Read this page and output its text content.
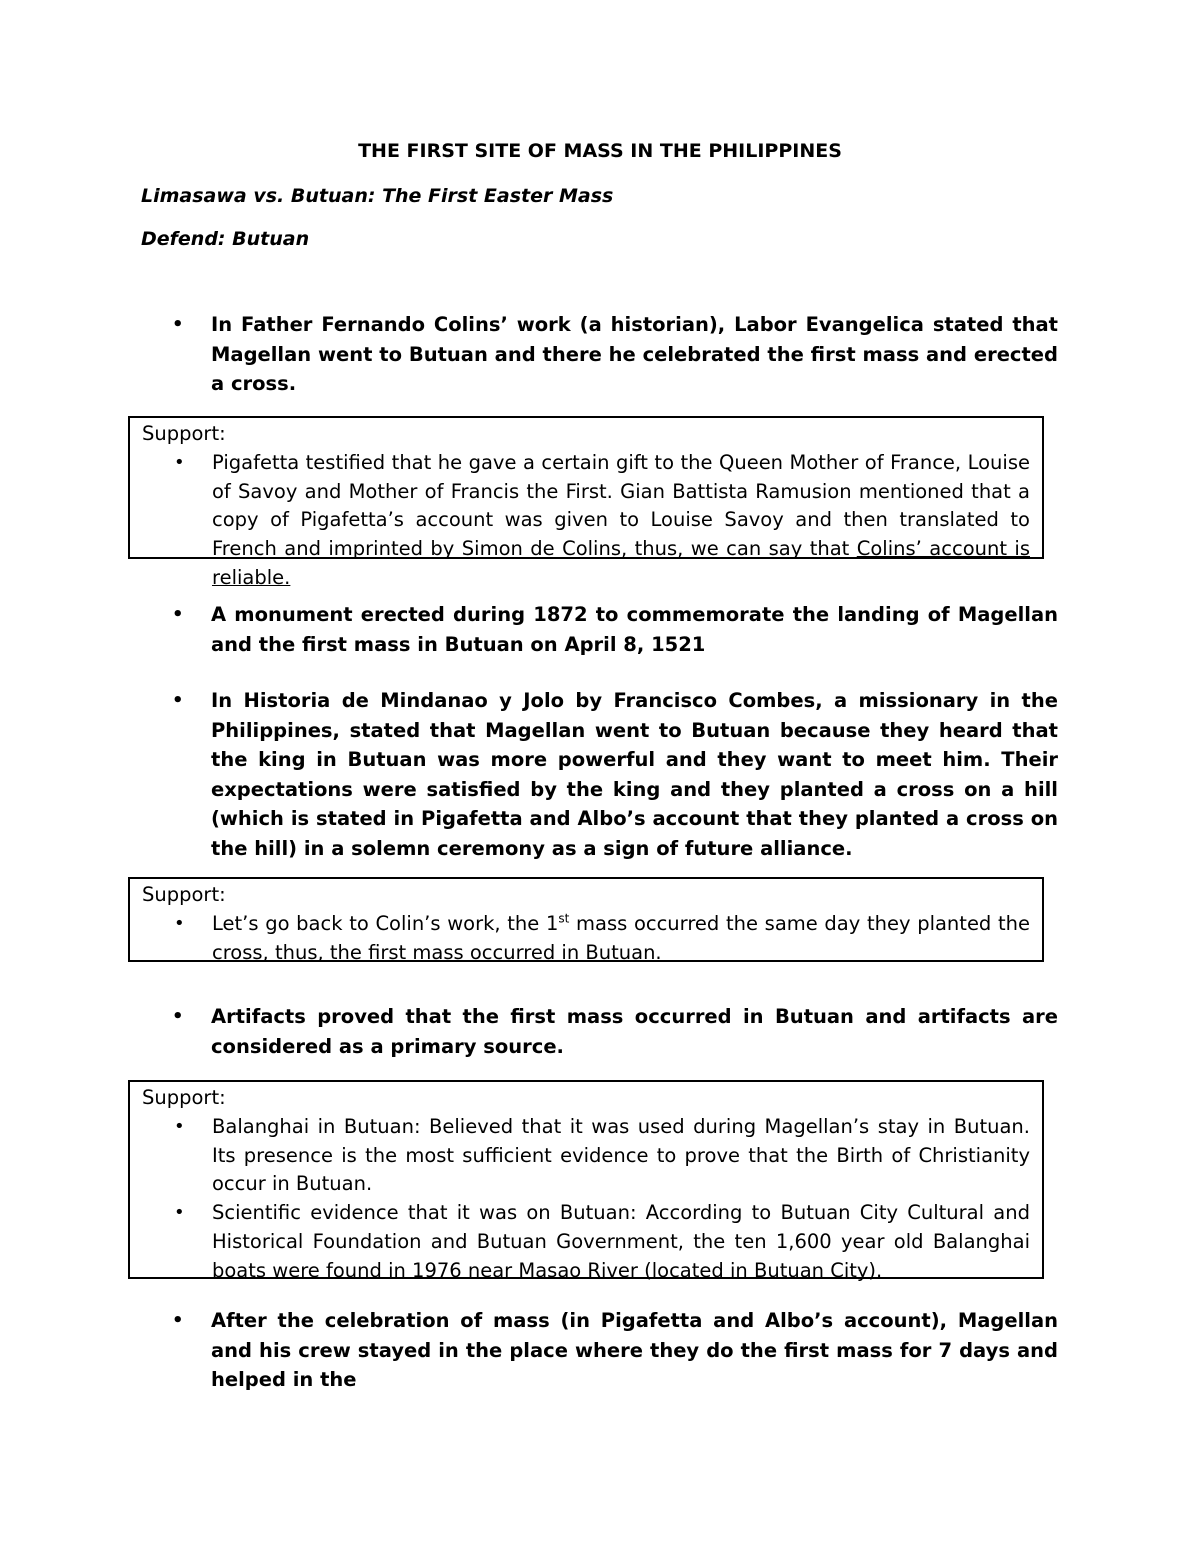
THE FIRST SITE OF MASS IN THE PHILIPPINES
Limasawa vs. Butuan: The First Easter Mass
Defend: Butuan
•	In Father Fernando Colins’ work (a historian), Labor Evangelica stated that Magellan went to Butuan and there he celebrated the first mass and erected a cross.
Support:
• Pigafetta testified that he gave a certain gift to the Queen Mother of France, Louise of Savoy and Mother of Francis the First. Gian Battista Ramusion mentioned that a copy of Pigafetta’s account was given to Louise Savoy and then translated to French and imprinted by Simon de Colins, thus, we can say that Colins’ account is reliable.
•	A monument erected during 1872 to commemorate the landing of Magellan and the first mass in Butuan on April 8, 1521
•	In Historia de Mindanao y Jolo by Francisco Combes, a missionary in the Philippines, stated that Magellan went to Butuan because they heard that the king in Butuan was more powerful and they want to meet him. Their expectations were satisfied by the king and they planted a cross on a hill (which is stated in Pigafetta and Albo’s account that they planted a cross on the hill) in a solemn ceremony as a sign of future alliance.
Support:
• Let’s go back to Colin’s work, the 1st mass occurred the same day they planted the cross, thus, the first mass occurred in Butuan.
•	Artifacts proved that the first mass occurred in Butuan and artifacts are considered as a primary source.
Support:
• Balanghai in Butuan: Believed that it was used during Magellan’s stay in Butuan. Its presence is the most sufficient evidence to prove that the Birth of Christianity occur in Butuan.
• Scientific evidence that it was on Butuan: According to Butuan City Cultural and Historical Foundation and Butuan Government, the ten 1,600 year old Balanghai boats were found in 1976 near Masao River (located in Butuan City).
•	After the celebration of mass (in Pigafetta and Albo’s account), Magellan and his crew stayed in the place where they do the first mass for 7 days and helped in the
